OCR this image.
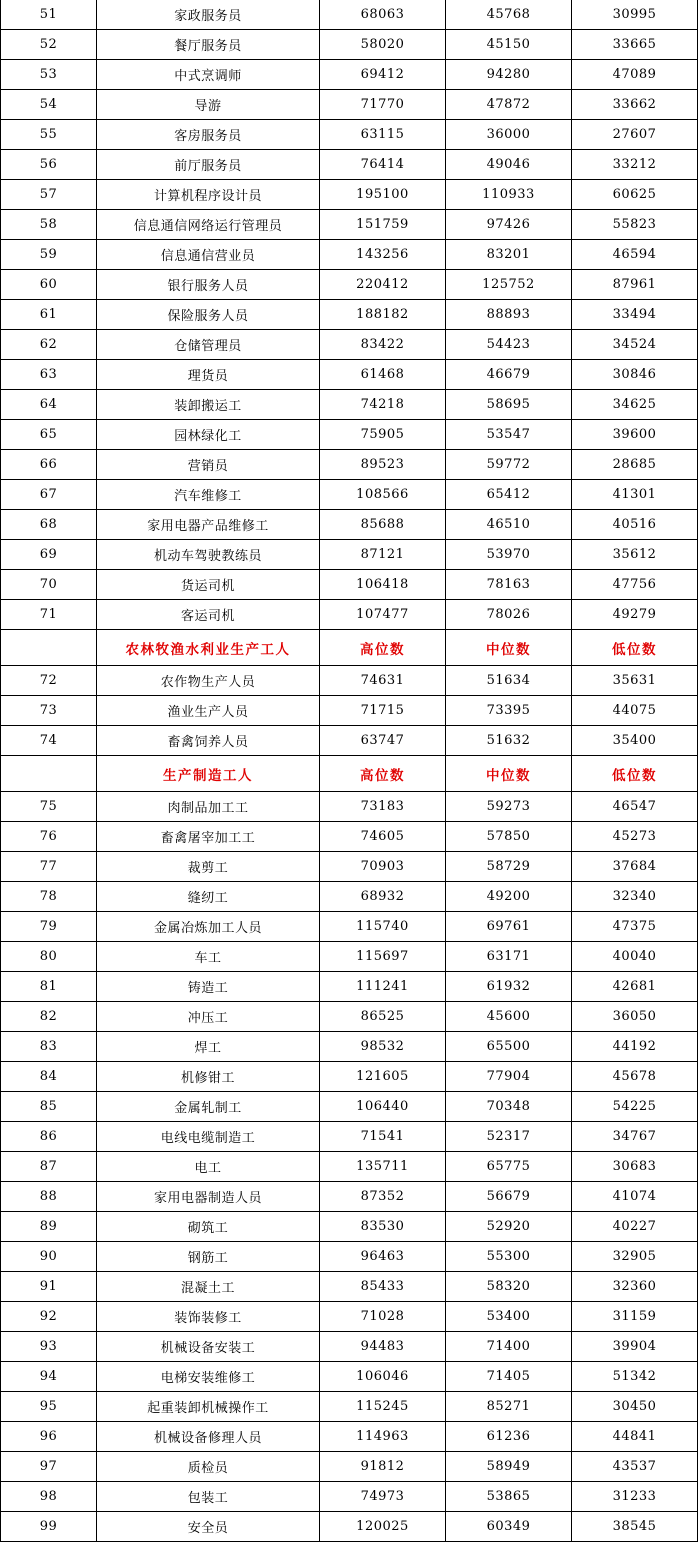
51	家政服务员	68063	45768	30995
52	餐厅服务员	58020	45150	33665
53	中式烹调师	69412	94280	47089
54	导游	71770	47872	33662
55	客房服务员	63115	36000	27607
56	前厅服务员	76414	49046	33212
57	计算机程序设计员	195100	110933	60625
58	信息通信网络运行管理员	151759	97426	55823
59	信息通信营业员	143256	83201	46594
60	银行服务人员	220412	125752	87961
61	保险服务人员	188182	88893	33494
62	仓储管理员	83422	54423	34524
63	理货员	61468	46679	30846
64	装卸搬运工	74218	58695	34625
65	园林绿化工	75905	53547	39600
66	营销员	89523	59772	28685
67	汽车维修工	108566	65412	41301
68	家用电器产品维修工	85688	46510	40516
69	机动车驾驶教练员	87121	53970	35612
70	货运司机	106418	78163	47756
71	客运司机	107477	78026	49279
	农林牧渔水利业生产工人	高位数	中位数	低位数
72	农作物生产人员	74631	51634	35631
73	渔业生产人员	71715	73395	44075
74	畜禽饲养人员	63747	51632	35400
	生产制造工人	高位数	中位数	低位数
75	肉制品加工工	73183	59273	46547
76	畜禽屠宰加工工	74605	57850	45273
77	裁剪工	70903	58729	37684
78	缝纫工	68932	49200	32340
79	金属冶炼加工人员	115740	69761	47375
80	车工	115697	63171	40040
81	铸造工	111241	61932	42681
82	冲压工	86525	45600	36050
83	焊工	98532	65500	44192
84	机修钳工	121605	77904	45678
85	金属轧制工	106440	70348	54225
86	电线电缆制造工	71541	52317	34767
87	电工	135711	65775	30683
88	家用电器制造人员	87352	56679	41074
89	砌筑工	83530	52920	40227
90	钢筋工	96463	55300	32905
91	混凝土工	85433	58320	32360
92	装饰装修工	71028	53400	31159
93	机械设备安装工	94483	71400	39904
94	电梯安装维修工	106046	71405	51342
95	起重装卸机械操作工	115245	85271	30450
96	机械设备修理人员	114963	61236	44841
97	质检员	91812	58949	43537
98	包装工	74973	53865	31233
99	安全员	120025	60349	38545
